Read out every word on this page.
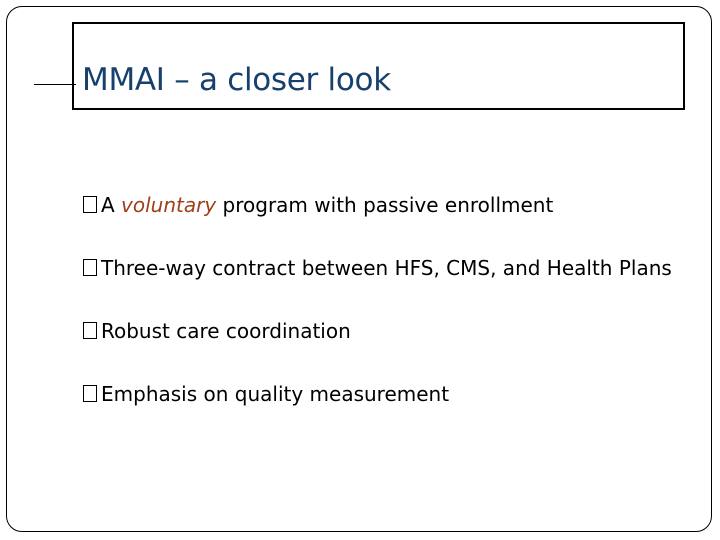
MMAI – a closer look
A voluntary program with passive enrollment
Three-way contract between HFS, CMS, and Health Plans
Robust care coordination
Emphasis on quality measurement
